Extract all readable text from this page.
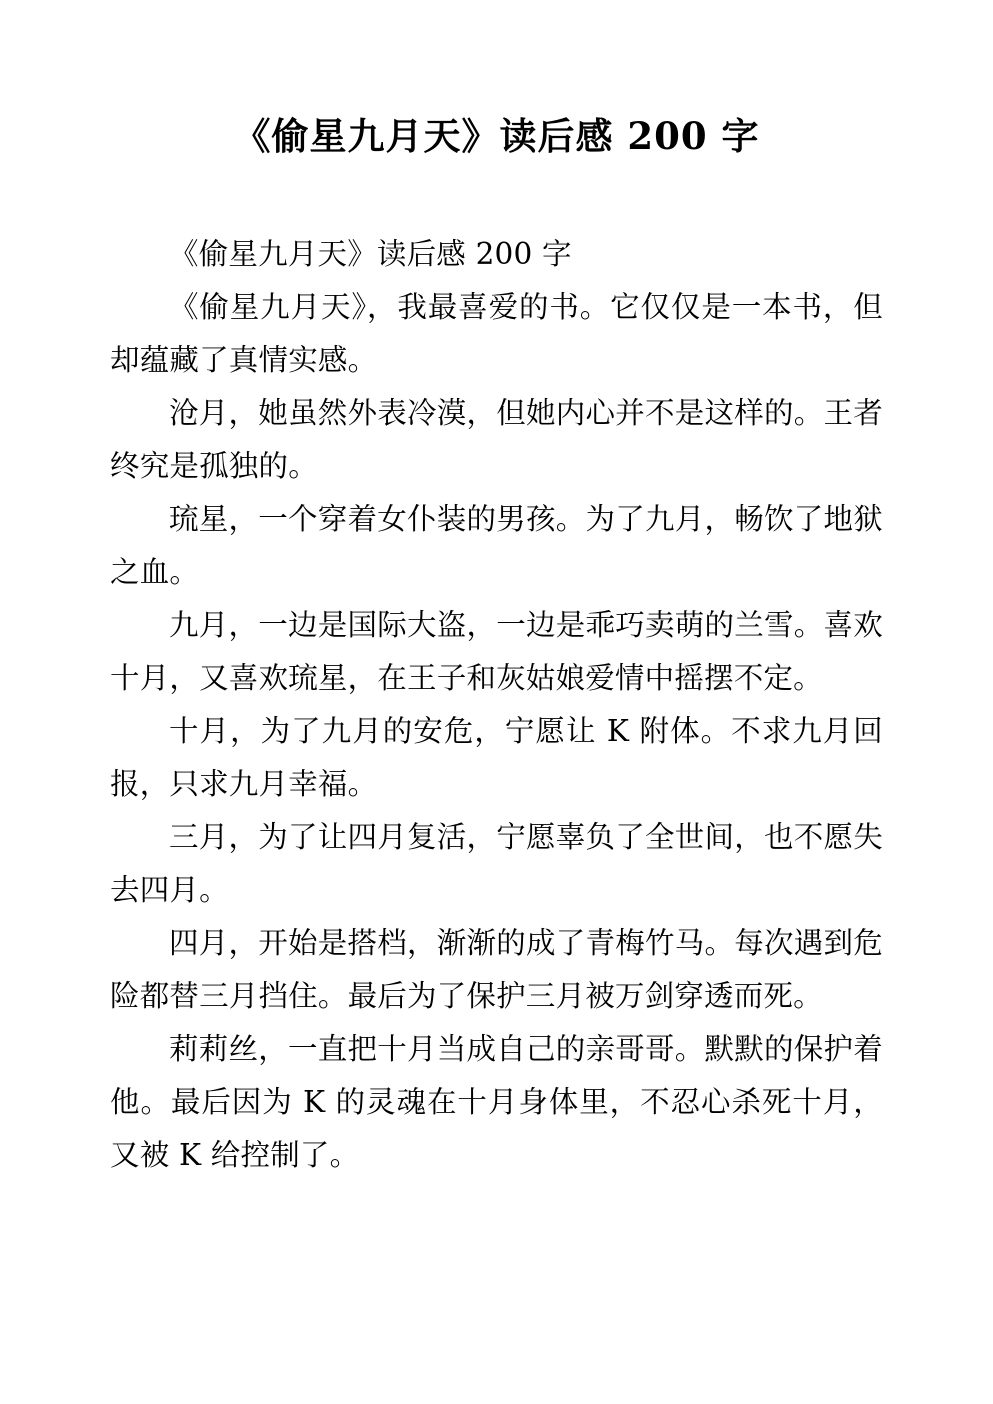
《偷星九月天》读后感 200 字

《偷星九月天》读后感 200 字

《偷星九月天》，我最喜爱的书。它仅仅是一本书，但却蕴藏了真情实感。

沧月，她虽然外表冷漠，但她内心并不是这样的。王者终究是孤独的。

琉星，一个穿着女仆装的男孩。为了九月，畅饮了地狱之血。

九月，一边是国际大盗，一边是乖巧卖萌的兰雪。喜欢十月，又喜欢琉星，在王子和灰姑娘爱情中摇摆不定。

十月，为了九月的安危，宁愿让 K 附体。不求九月回报，只求九月幸福。

三月，为了让四月复活，宁愿辜负了全世间，也不愿失去四月。

四月，开始是搭档，渐渐的成了青梅竹马。每次遇到危险都替三月挡住。最后为了保护三月被万剑穿透而死。

莉莉丝，一直把十月当成自己的亲哥哥。默默的保护着他。最后因为 K 的灵魂在十月身体里，不忍心杀死十月，又被 K 给控制了。
